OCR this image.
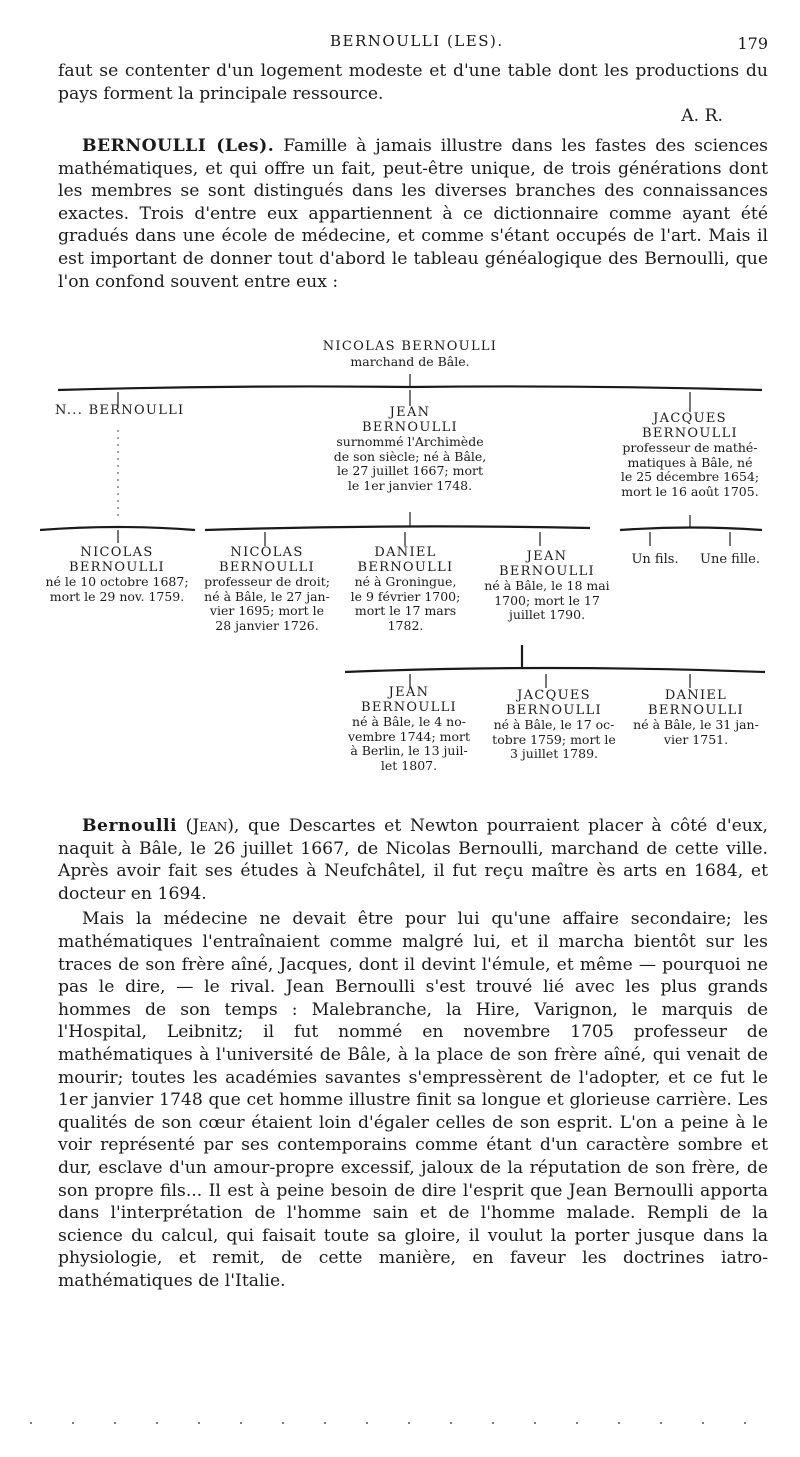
BERNOULLI (LES).	179

faut se contenter d'un logement modeste et d'une table dont les productions du pays forment la principale ressource.

A. R.

BERNOULLI (Les). Famille à jamais illustre dans les fastes des sciences mathématiques, et qui offre un fait, peut-être unique, de trois générations dont les membres se sont distingués dans les diverses branches des connaissances exactes. Trois d'entre eux appartiennent à ce dictionnaire comme ayant été gradués dans une école de médecine, et comme s'étant occupés de l'art. Mais il est important de donner tout d'abord le tableau généalogique des Bernoulli, que l'on confond souvent entre eux :

NICOLAS BERNOULLI
marchand de Bâle.
N... BERNOULLI	JEAN
BERNOULLI
surnommé l'Archimède
de son siècle; né à Bâle,
le 27 juillet 1667; mort
le 1er janvier 1748.
JACQUES
BERNOULLI
professeur de mathé-
matiques à Bâle, né
le 25 décembre 1654;
mort le 16 août 1705.
NICOLAS
BERNOULLI
né le 10 octobre 1687;
mort le 29 nov. 1759.
NICOLAS
BERNOULLI
professeur de droit;
né à Bâle, le 27 jan-
vier 1695; mort le
28 janvier 1726.
DANIEL
BERNOULLI
né à Groningue,
le 9 février 1700;
mort le 17 mars
1782.
JEAN
BERNOULLI
né à Bâle, le 18 mai
1700; mort le 17
juillet 1790.
Un fils.	Une fille.
JEAN
BERNOULLI
né à Bâle, le 4 no-
vembre 1744; mort
à Berlin, le 13 juil-
let 1807.
JACQUES
BERNOULLI
né à Bâle, le 17 oc-
tobre 1759; mort le
3 juillet 1789.
DANIEL
BERNOULLI
né à Bâle, le 31 jan-
vier 1751.

Bernoulli (Jean), que Descartes et Newton pourraient placer à côté d'eux, naquit à Bâle, le 26 juillet 1667, de Nicolas Bernoulli, marchand de cette ville. Après avoir fait ses études à Neufchâtel, il fut reçu maître ès arts en 1684, et docteur en 1694.

Mais la médecine ne devait être pour lui qu'une affaire secondaire; les mathématiques l'entraînaient comme malgré lui, et il marcha bientôt sur les traces de son frère aîné, Jacques, dont il devint l'émule, et même — pourquoi ne pas le dire, — le rival. Jean Bernoulli s'est trouvé lié avec les plus grands hommes de son temps : Malebranche, la Hire, Varignon, le marquis de l'Hospital, Leibnitz; il fut nommé en novembre 1705 professeur de mathématiques à l'université de Bâle, à la place de son frère aîné, qui venait de mourir; toutes les académies savantes s'empressèrent de l'adopter, et ce fut le 1er janvier 1748 que cet homme illustre finit sa longue et glorieuse carrière. Les qualités de son cœur étaient loin d'égaler celles de son esprit. L'on a peine à le voir représenté par ses contemporains comme étant d'un caractère sombre et dur, esclave d'un amour-propre excessif, jaloux de la réputation de son frère, de son propre fils... Il est à peine besoin de dire l'esprit que Jean Bernoulli apporta dans l'interprétation de l'homme sain et de l'homme malade. Rempli de la science du calcul, qui faisait toute sa gloire, il voulut la porter jusque dans la physiologie, et remit, de cette manière, en faveur les doctrines iatro-mathématiques de l'Italie.
